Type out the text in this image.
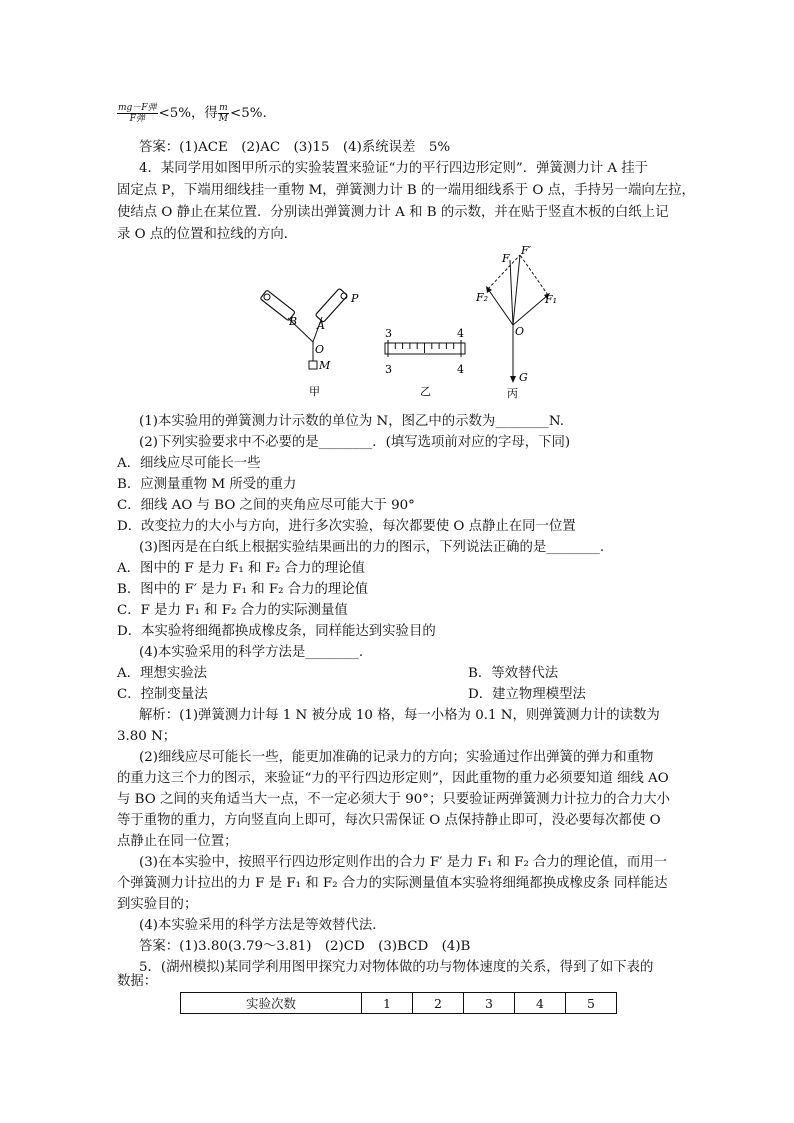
$\frac{\text{mg－F弹}}{\text{F弹}} <5\%$，得 $\frac{m}{M} <5\%$.
答案：(1)ACE　(2)AC　(3)15　(4)系统误差　5%
4．某同学用如图甲所示的实验装置来验证“力的平行四边形定则”．弹簧测力计 A 挂于
固定点 P，下端用细线挂一重物 M，弹簧测力计 B 的一端用细线系于 O 点，手持另一端向左拉，
使结点 O 静止在某位置．分别读出弹簧测力计 A 和 B 的示数，并在贴于竖直木板的白纸上记
录 O 点的位置和拉线的方向．
P
B A
O
M
甲
3	4
3	4
乙
F
F′
F₂	F₁
O
G
丙
(1)本实验用的弹簧测力计示数的单位为 N，图乙中的示数为________N.
(2)下列实验要求中不必要的是________．(填写选项前对应的字母，下同)
A．细线应尽可能长一些
B．应测量重物 M 所受的重力
C．细线 AO 与 BO 之间的夹角应尽可能大于 90°
D．改变拉力的大小与方向，进行多次实验，每次都要使 O 点静止在同一位置
(3)图丙是在白纸上根据实验结果画出的力的图示，下列说法正确的是________.
A．图中的 F 是力 F₁ 和 F₂ 合力的理论值
B．图中的 F′ 是力 F₁ 和 F₂ 合力的理论值
C．F 是力 F₁ 和 F₂ 合力的实际测量值
D．本实验将细绳都换成橡皮条，同样能达到实验目的
(4)本实验采用的科学方法是________.
A．理想实验法	B．等效替代法
C．控制变量法	D．建立物理模型法
解析：(1)弹簧测力计每 1 N 被分成 10 格，每一小格为 0.1 N，则弹簧测力计的读数为
3.80 N；
(2)细线应尽可能长一些，能更加准确的记录力的方向；实验通过作出弹簧的弹力和重物
的重力这三个力的图示，来验证“力的平行四边形定则”，因此重物的重力必须要知道 细线 AO
与 BO 之间的夹角适当大一点，不一定必须大于 90°；只要验证两弹簧测力计拉力的合力大小
等于重物的重力，方向竖直向上即可，每次只需保证 O 点保持静止即可，没必要每次都使 O
点静止在同一位置；
(3)在本实验中，按照平行四边形定则作出的合力 F′ 是力 F₁ 和 F₂ 合力的理论值，而用一
个弹簧测力计拉出的力 F 是 F₁ 和 F₂ 合力的实际测量值本实验将细绳都换成橡皮条 同样能达
到实验目的；
(4)本实验采用的科学方法是等效替代法．
答案：(1)3.80(3.79～3.81)　(2)CD　(3)BCD　(4)B
5．(湖州模拟)某同学利用图甲探究力对物体做的功与物体速度的关系，得到了如下表的
数据：
实验次数	1	2	3	4	5
